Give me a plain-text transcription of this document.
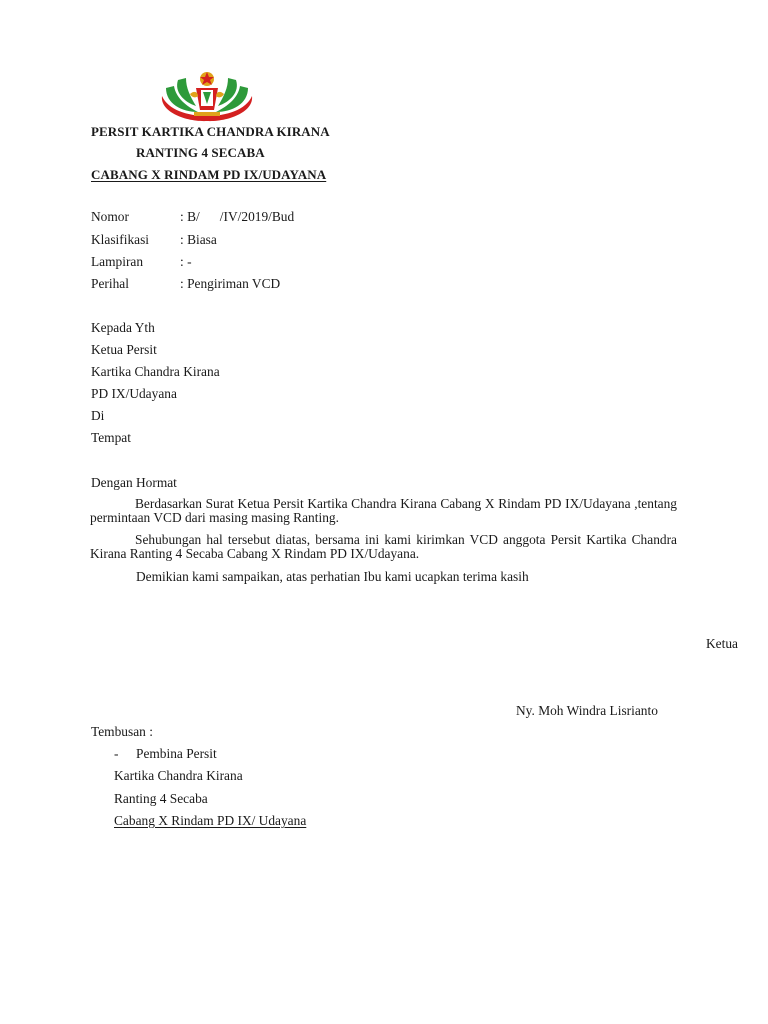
PERSIT KARTIKA CHANDRA KIRANA
RANTING 4 SECABA
CABANG X RINDAM PD IX/UDAYANA
Nomor	: B/      /IV/2019/Bud
Klasifikasi : Biasa
Lampiran	: -
Perihal	: Pengiriman VCD
Kepada Yth
Ketua Persit
Kartika Chandra Kirana
PD IX/Udayana
Di
Tempat
Dengan Hormat
Berdasarkan Surat Ketua Persit Kartika Chandra Kirana Cabang X Rindam PD IX/Udayana ,tentang permintaan VCD dari masing masing Ranting.
Sehubungan hal tersebut diatas, bersama ini kami kirimkan VCD anggota Persit Kartika Chandra Kirana Ranting 4 Secaba Cabang X Rindam PD IX/Udayana.
Demikian kami sampaikan, atas perhatian Ibu kami ucapkan terima kasih
Ketua
Ny. Moh Windra Lisrianto
Tembusan :
- Pembina Persit
Kartika Chandra Kirana
Ranting 4 Secaba
Cabang X Rindam PD IX/ Udayana
